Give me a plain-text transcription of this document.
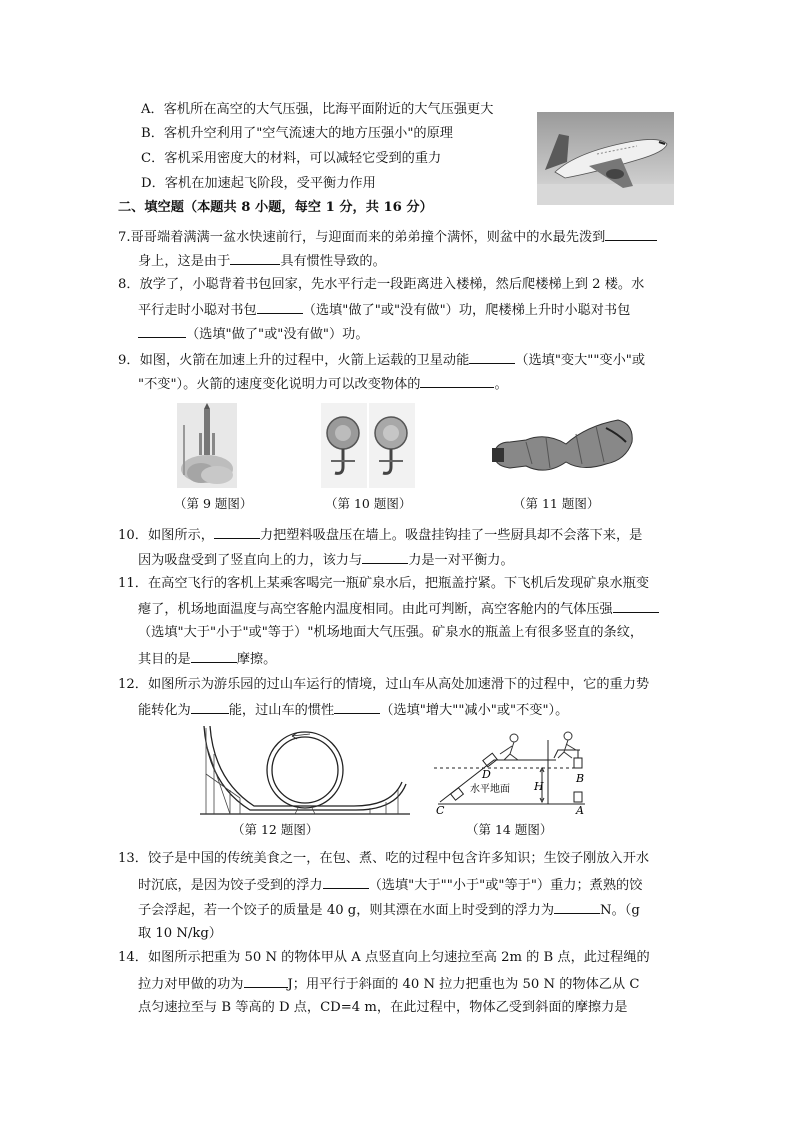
A．客机所在高空的大气压强，比海平面附近的大气压强更大
B．客机升空利用了"空气流速大的地方压强小"的原理
C．客机采用密度大的材料，可以减轻它受到的重力
D．客机在加速起飞阶段，受平衡力作用
二、填空题（本题共 8 小题，每空 1 分，共 16 分）
7.哥哥端着满满一盆水快速前行，与迎面而来的弟弟撞个满怀，则盆中的水最先泼到
身上，这是由于	具有惯性导致的。
8．放学了，小聪背着书包回家，先水平行走一段距离进入楼梯，然后爬楼梯上到 2 楼。水
平行走时小聪对书包	（选填"做了"或"没有做"）功，爬楼梯上升时小聪对书包
（选填"做了"或"没有做"）功。
9．如图，火箭在加速上升的过程中，火箭上运载的卫星动能	（选填"变大""变小"或
"不变"）。火箭的速度变化说明力可以改变物体的	。
（第 9 题图）	（第 10 题图）	（第 11 题图）
10．如图所示，	力把塑料吸盘压在墙上。吸盘挂钩挂了一些厨具却不会落下来，是
因为吸盘受到了竖直向上的力，该力与	力是一对平衡力。
11．在高空飞行的客机上某乘客喝完一瓶矿泉水后，把瓶盖拧紧。下飞机后发现矿泉水瓶变
瘪了，机场地面温度与高空客舱内温度相同。由此可判断，高空客舱内的气体压强
（选填"大于"小于"或"等于）"机场地面大气压强。矿泉水的瓶盖上有很多竖直的条纹，
其目的是	摩擦。
12．如图所示为游乐园的过山车运行的情境，过山车从高处加速滑下的过程中，它的重力势
能转化为	能，过山车的惯性	（选填"增大""减小"或"不变"）。
D
C
H
B
A
水平地面
（第 12 题图）	（第 14 题图）
13．饺子是中国的传统美食之一，在包、煮、吃的过程中包含许多知识；生饺子刚放入开水
时沉底，是因为饺子受到的浮力	（选填"大于""小于"或"等于"）重力；煮熟的饺
子会浮起，若一个饺子的质量是 40 g，则其漂在水面上时受到的浮力为	N。（g
取 10 N/kg）
14．如图所示把重为 50 N 的物体甲从 A 点竖直向上匀速拉至高 2m 的 B 点，此过程绳的
拉力对甲做的功为	J；用平行于斜面的 40 N 拉力把重也为 50 N 的物体乙从 C
点匀速拉至与 B 等高的 D 点，CD=4 m，在此过程中，物体乙受到斜面的摩擦力是
